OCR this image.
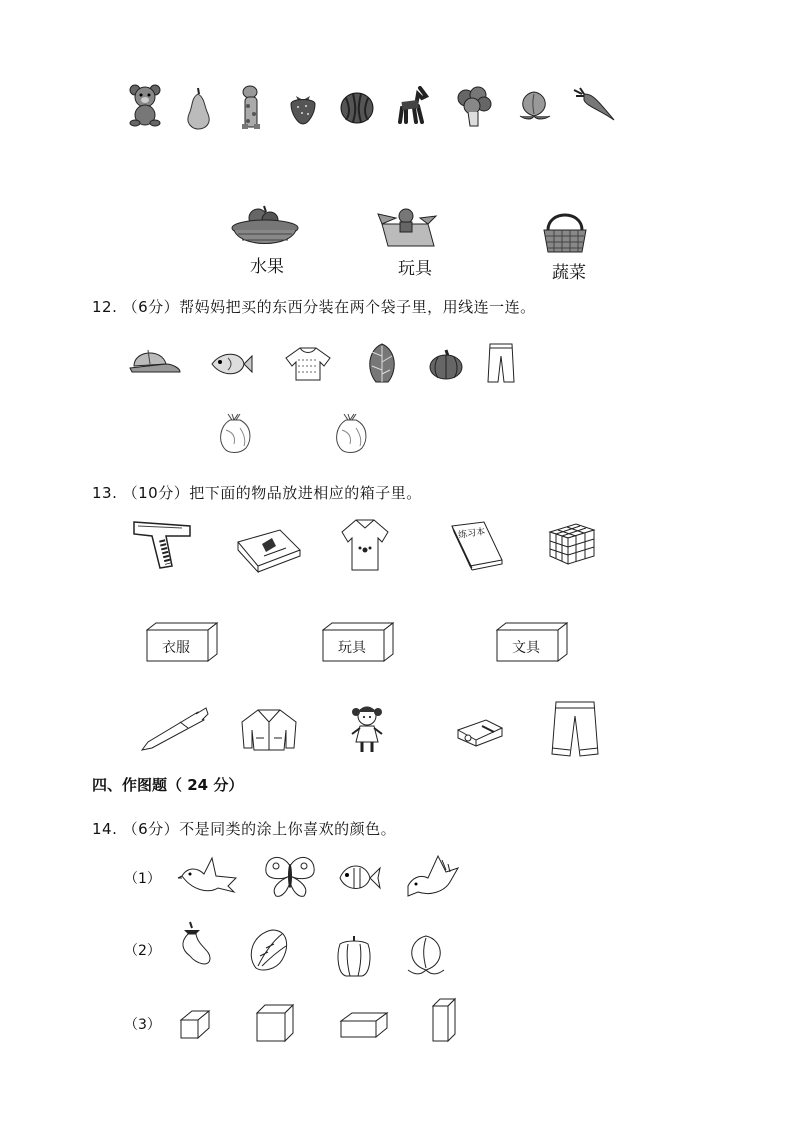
水果	玩具	蔬菜
12. （6分）帮妈妈把买的东西分装在两个袋子里，用线连一连。
13. （10分）把下面的物品放进相应的箱子里。
练习本
衣服	玩具	文具
四、作图题（ 24 分）
14. （6分）不是同类的涂上你喜欢的颜色。
（1）
（2）
（3）
